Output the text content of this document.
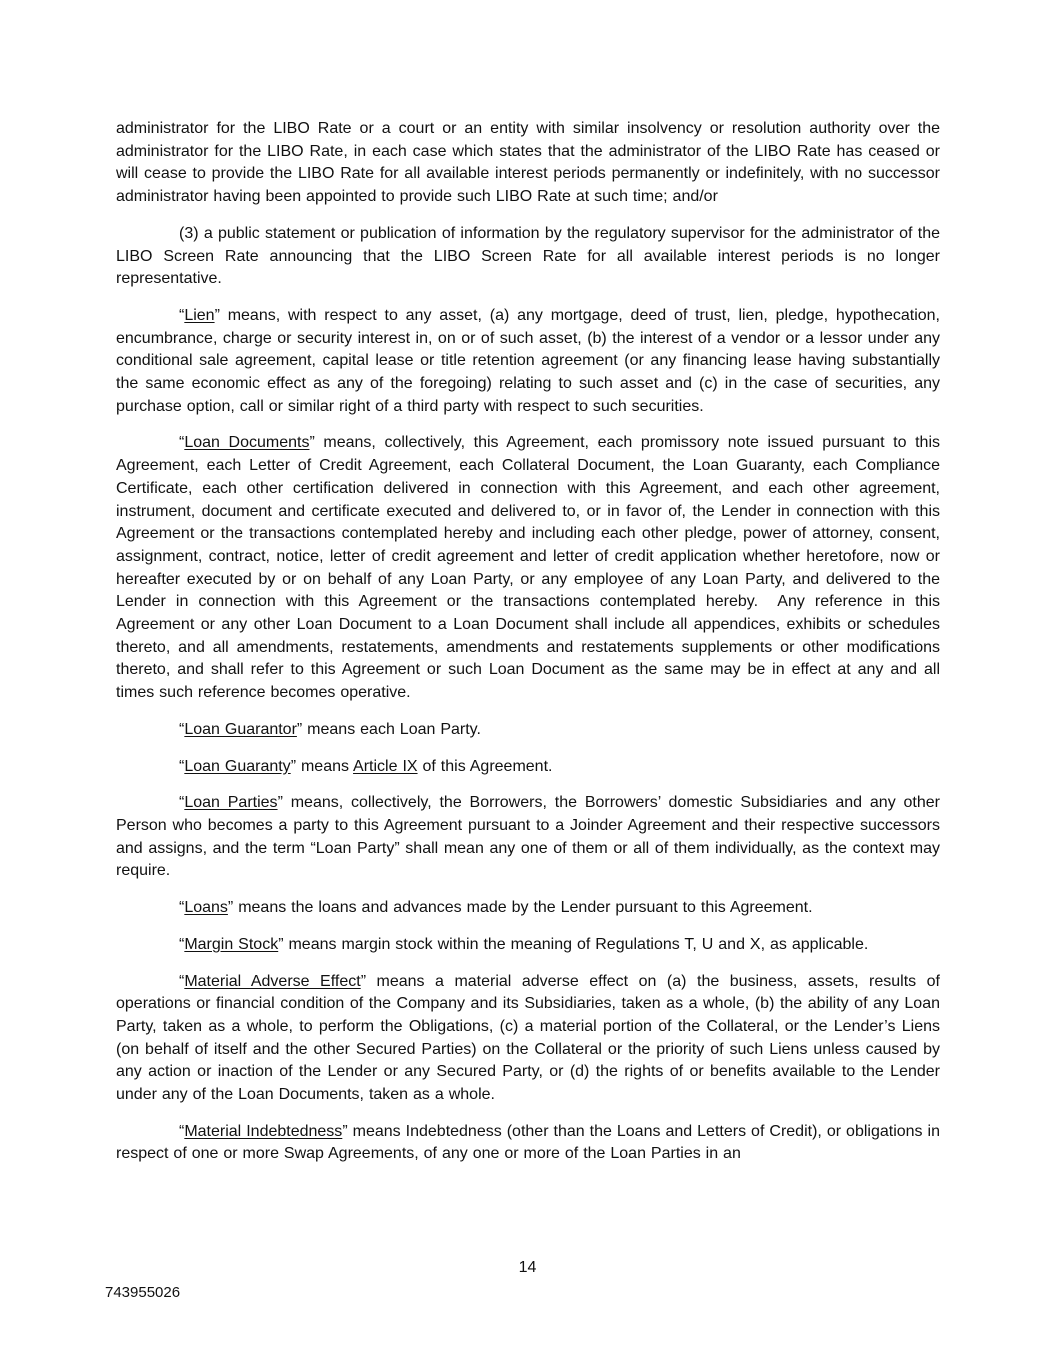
administrator for the LIBO Rate or a court or an entity with similar insolvency or resolution authority over the administrator for the LIBO Rate, in each case which states that the administrator of the LIBO Rate has ceased or will cease to provide the LIBO Rate for all available interest periods permanently or indefinitely, with no successor administrator having been appointed to provide such LIBO Rate at such time; and/or

(3) a public statement or publication of information by the regulatory supervisor for the administrator of the LIBO Screen Rate announcing that the LIBO Screen Rate for all available interest periods is no longer representative.

“Lien” means, with respect to any asset, (a) any mortgage, deed of trust, lien, pledge, hypothecation, encumbrance, charge or security interest in, on or of such asset, (b) the interest of a vendor or a lessor under any conditional sale agreement, capital lease or title retention agreement (or any financing lease having substantially the same economic effect as any of the foregoing) relating to such asset and (c) in the case of securities, any purchase option, call or similar right of a third party with respect to such securities.

“Loan Documents” means, collectively, this Agreement, each promissory note issued pursuant to this Agreement, each Letter of Credit Agreement, each Collateral Document, the Loan Guaranty, each Compliance Certificate, each other certification delivered in connection with this Agreement, and each other agreement, instrument, document and certificate executed and delivered to, or in favor of, the Lender in connection with this Agreement or the transactions contemplated hereby and including each other pledge, power of attorney, consent, assignment, contract, notice, letter of credit agreement and letter of credit application whether heretofore, now or hereafter executed by or on behalf of any Loan Party, or any employee of any Loan Party, and delivered to the Lender in connection with this Agreement or the transactions contemplated hereby.  Any reference in this Agreement or any other Loan Document to a Loan Document shall include all appendices, exhibits or schedules thereto, and all amendments, restatements, amendments and restatements supplements or other modifications thereto, and shall refer to this Agreement or such Loan Document as the same may be in effect at any and all times such reference becomes operative.

“Loan Guarantor” means each Loan Party.

“Loan Guaranty” means Article IX of this Agreement.

“Loan Parties” means, collectively, the Borrowers, the Borrowers’ domestic Subsidiaries and any other Person who becomes a party to this Agreement pursuant to a Joinder Agreement and their respective successors and assigns, and the term “Loan Party” shall mean any one of them or all of them individually, as the context may require.

“Loans” means the loans and advances made by the Lender pursuant to this Agreement.

“Margin Stock” means margin stock within the meaning of Regulations T, U and X, as applicable.

“Material Adverse Effect” means a material adverse effect on (a) the business, assets, results of operations or financial condition of the Company and its Subsidiaries, taken as a whole, (b) the ability of any Loan Party, taken as a whole, to perform the Obligations, (c) a material portion of the Collateral, or the Lender’s Liens (on behalf of itself and the other Secured Parties) on the Collateral or the priority of such Liens unless caused by any action or inaction of the Lender or any Secured Party, or (d) the rights of or benefits available to the Lender under any of the Loan Documents, taken as a whole.

“Material Indebtedness” means Indebtedness (other than the Loans and Letters of Credit), or obligations in respect of one or more Swap Agreements, of any one or more of the Loan Parties in an

14
743955026
